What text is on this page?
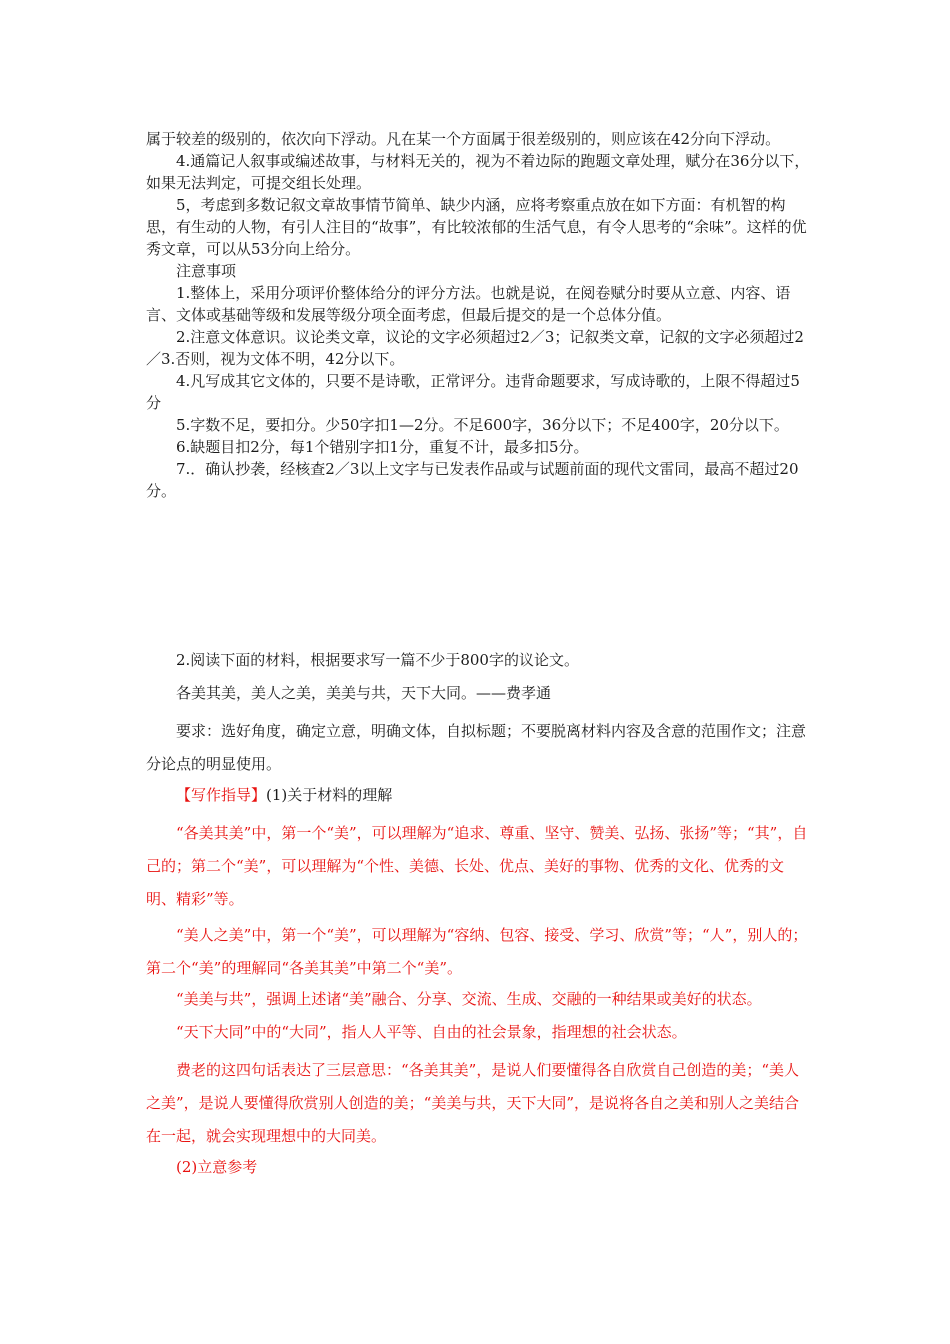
属于较差的级别的，依次向下浮动。凡在某一个方面属于很差级别的，则应该在42分向下浮动。

4.通篇记人叙事或编述故事，与材料无关的，视为不着边际的跑题文章处理，赋分在36分以下，如果无法判定，可提交组长处理。

5，考虑到多数记叙文章故事情节简单、缺少内涵，应将考察重点放在如下方面：有机智的构思，有生动的人物，有引人注目的“故事”，有比较浓郁的生活气息，有令人思考的“余味”。这样的优秀文章，可以从53分向上给分。

注意事项

1.整体上，采用分项评价整体给分的评分方法。也就是说，在阅卷赋分时要从立意、内容、语言、文体或基础等级和发展等级分项全面考虑，但最后提交的是一个总体分值。

2.注意文体意识。议论类文章，议论的文字必须超过2／3；记叙类文章，记叙的文字必须超过2／3.否则，视为文体不明，42分以下。

4.凡写成其它文体的，只要不是诗歌，正常评分。违背命题要求，写成诗歌的，上限不得超过5分

5.字数不足，要扣分。少50字扣1—2分。不足600字，36分以下；不足400字，20分以下。

6.缺题目扣2分，每1个错别字扣1分，重复不计，最多扣5分。

7.．确认抄袭，经核查2／3以上文字与已发表作品或与试题前面的现代文雷同，最高不超过20分。

2.阅读下面的材料，根据要求写一篇不少于800字的议论文。

各美其美，美人之美，美美与共，天下大同。——费孝通

要求：选好角度，确定立意，明确文体，自拟标题；不要脱离材料内容及含意的范围作文；注意分论点的明显使用。

【写作指导】(1)关于材料的理解

“各美其美”中，第一个“美”，可以理解为“追求、尊重、坚守、赞美、弘扬、张扬”等；“其”，自己的；第二个“美”，可以理解为“个性、美德、长处、优点、美好的事物、优秀的文化、优秀的文明、精彩”等。

“美人之美”中，第一个“美”，可以理解为“容纳、包容、接受、学习、欣赏”等；“人”，别人的；第二个“美”的理解同“各美其美”中第二个“美”。

“美美与共”，强调上述诸“美”融合、分享、交流、生成、交融的一种结果或美好的状态。

“天下大同”中的“大同”，指人人平等、自由的社会景象，指理想的社会状态。

费老的这四句话表达了三层意思：“各美其美”，是说人们要懂得各自欣赏自己创造的美；“美人之美”，是说人要懂得欣赏别人创造的美；“美美与共，天下大同”，是说将各自之美和别人之美结合在一起，就会实现理想中的大同美。

(2)立意参考
